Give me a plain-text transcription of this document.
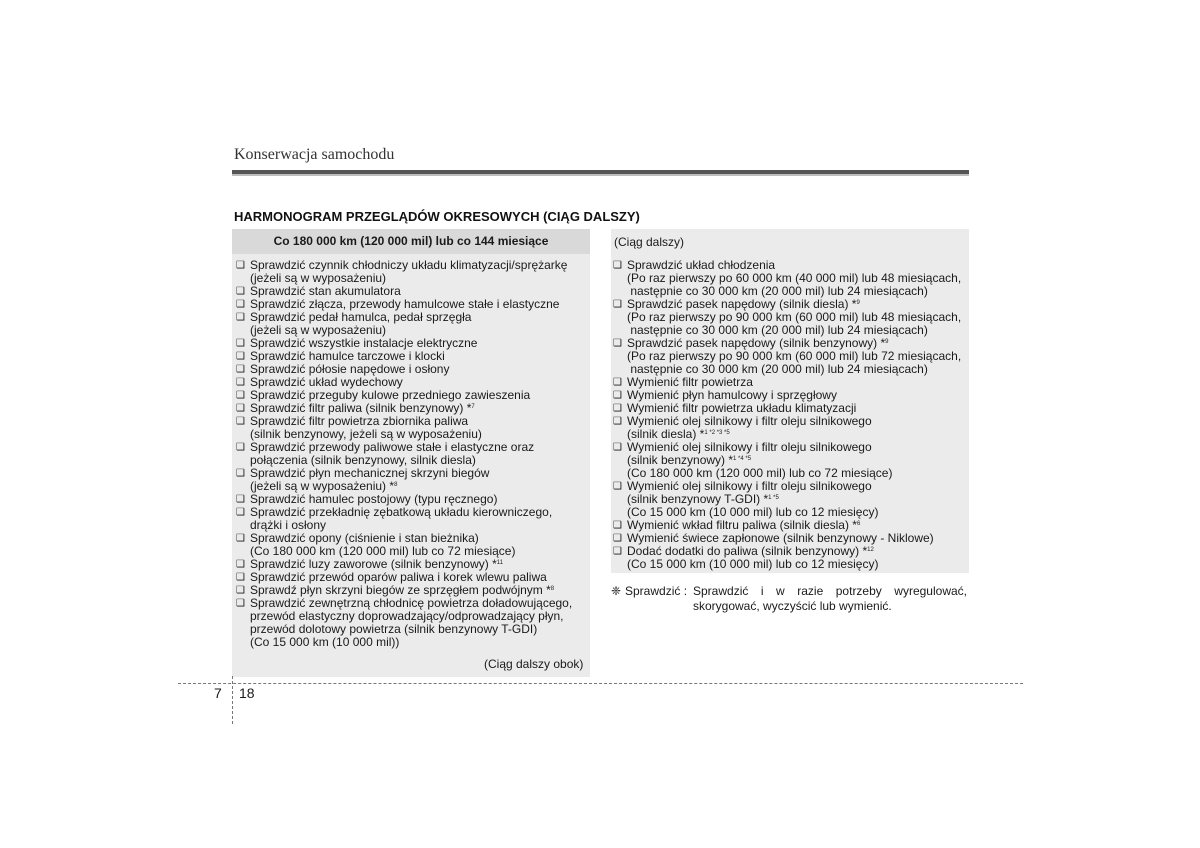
Konserwacja samochodu
HARMONOGRAM PRZEGLĄDÓW OKRESOWYCH (CIĄG DALSZY)
Co 180 000 km (120 000 mil) lub co 144 miesiące
❑ Sprawdzić czynnik chłodniczy układu klimatyzacji/sprężarkę
(jeżeli są w wyposażeniu)
❑ Sprawdzić stan akumulatora
❑ Sprawdzić złącza, przewody hamulcowe stałe i elastyczne
❑ Sprawdzić pedał hamulca, pedał sprzęgła
(jeżeli są w wyposażeniu)
❑ Sprawdzić wszystkie instalacje elektryczne
❑ Sprawdzić hamulce tarczowe i klocki
❑ Sprawdzić półosie napędowe i osłony
❑ Sprawdzić układ wydechowy
❑ Sprawdzić przeguby kulowe przedniego zawieszenia
❑ Sprawdzić filtr paliwa (silnik benzynowy) *$^7$
❑ Sprawdzić filtr powietrza zbiornika paliwa
(silnik benzynowy, jeżeli są w wyposażeniu)
❑ Sprawdzić przewody paliwowe stałe i elastyczne oraz
połączenia (silnik benzynowy, silnik diesla)
❑ Sprawdzić płyn mechanicznej skrzyni biegów
(jeżeli są w wyposażeniu) *$^8$
❑ Sprawdzić hamulec postojowy (typu ręcznego)
❑ Sprawdzić przekładnię zębatkową układu kierowniczego,
drążki i osłony
❑ Sprawdzić opony (ciśnienie i stan bieżnika)
(Co 180 000 km (120 000 mil) lub co 72 miesiące)
❑ Sprawdzić luzy zaworowe (silnik benzynowy) *$^{11}$
❑ Sprawdzić przewód oparów paliwa i korek wlewu paliwa
❑ Sprawdź płyn skrzyni biegów ze sprzęgłem podwójnym *$^8$
❑ Sprawdzić zewnętrzną chłodnicę powietrza doładowującego,
przewód elastyczny doprowadzający/odprowadzający płyn,
przewód dolotowy powietrza (silnik benzynowy T-GDI)
(Co 15 000 km (10 000 mil))
(Ciąg dalszy obok)
(Ciąg dalszy)
❑ Sprawdzić układ chłodzenia
(Po raz pierwszy po 60 000 km (40 000 mil) lub 48 miesiącach,
następnie co 30 000 km (20 000 mil) lub 24 miesiącach)
❑ Sprawdzić pasek napędowy (silnik diesla) *$^9$
(Po raz pierwszy po 90 000 km (60 000 mil) lub 48 miesiącach,
następnie co 30 000 km (20 000 mil) lub 24 miesiącach)
❑ Sprawdzić pasek napędowy (silnik benzynowy) *$^9$
(Po raz pierwszy po 90 000 km (60 000 mil) lub 72 miesiącach,
następnie co 30 000 km (20 000 mil) lub 24 miesiącach)
❑ Wymienić filtr powietrza
❑ Wymienić płyn hamulcowy i sprzęgłowy
❑ Wymienić filtr powietrza układu klimatyzacji
❑ Wymienić olej silnikowy i filtr oleju silnikowego
(silnik diesla) *$^{1 *2 *3 *5}$
❑ Wymienić olej silnikowy i filtr oleju silnikowego
(silnik benzynowy) *$^{1 *4 *5}$
(Co 180 000 km (120 000 mil) lub co 72 miesiące)
❑ Wymienić olej silnikowy i filtr oleju silnikowego
(silnik benzynowy T-GDI) *$^{1 *5}$
(Co 15 000 km (10 000 mil) lub co 12 miesięcy)
❑ Wymienić wkład filtru paliwa (silnik diesla) *$^6$
❑ Wymienić świece zapłonowe (silnik benzynowy - Niklowe)
❑ Dodać dodatki do paliwa (silnik benzynowy) *$^{12}$
(Co 15 000 km (10 000 mil) lub co 12 miesięcy)
❈ Sprawdzić : Sprawdzić i w razie potrzeby wyregulować, skorygować, wyczyścić lub wymienić.
7 18
